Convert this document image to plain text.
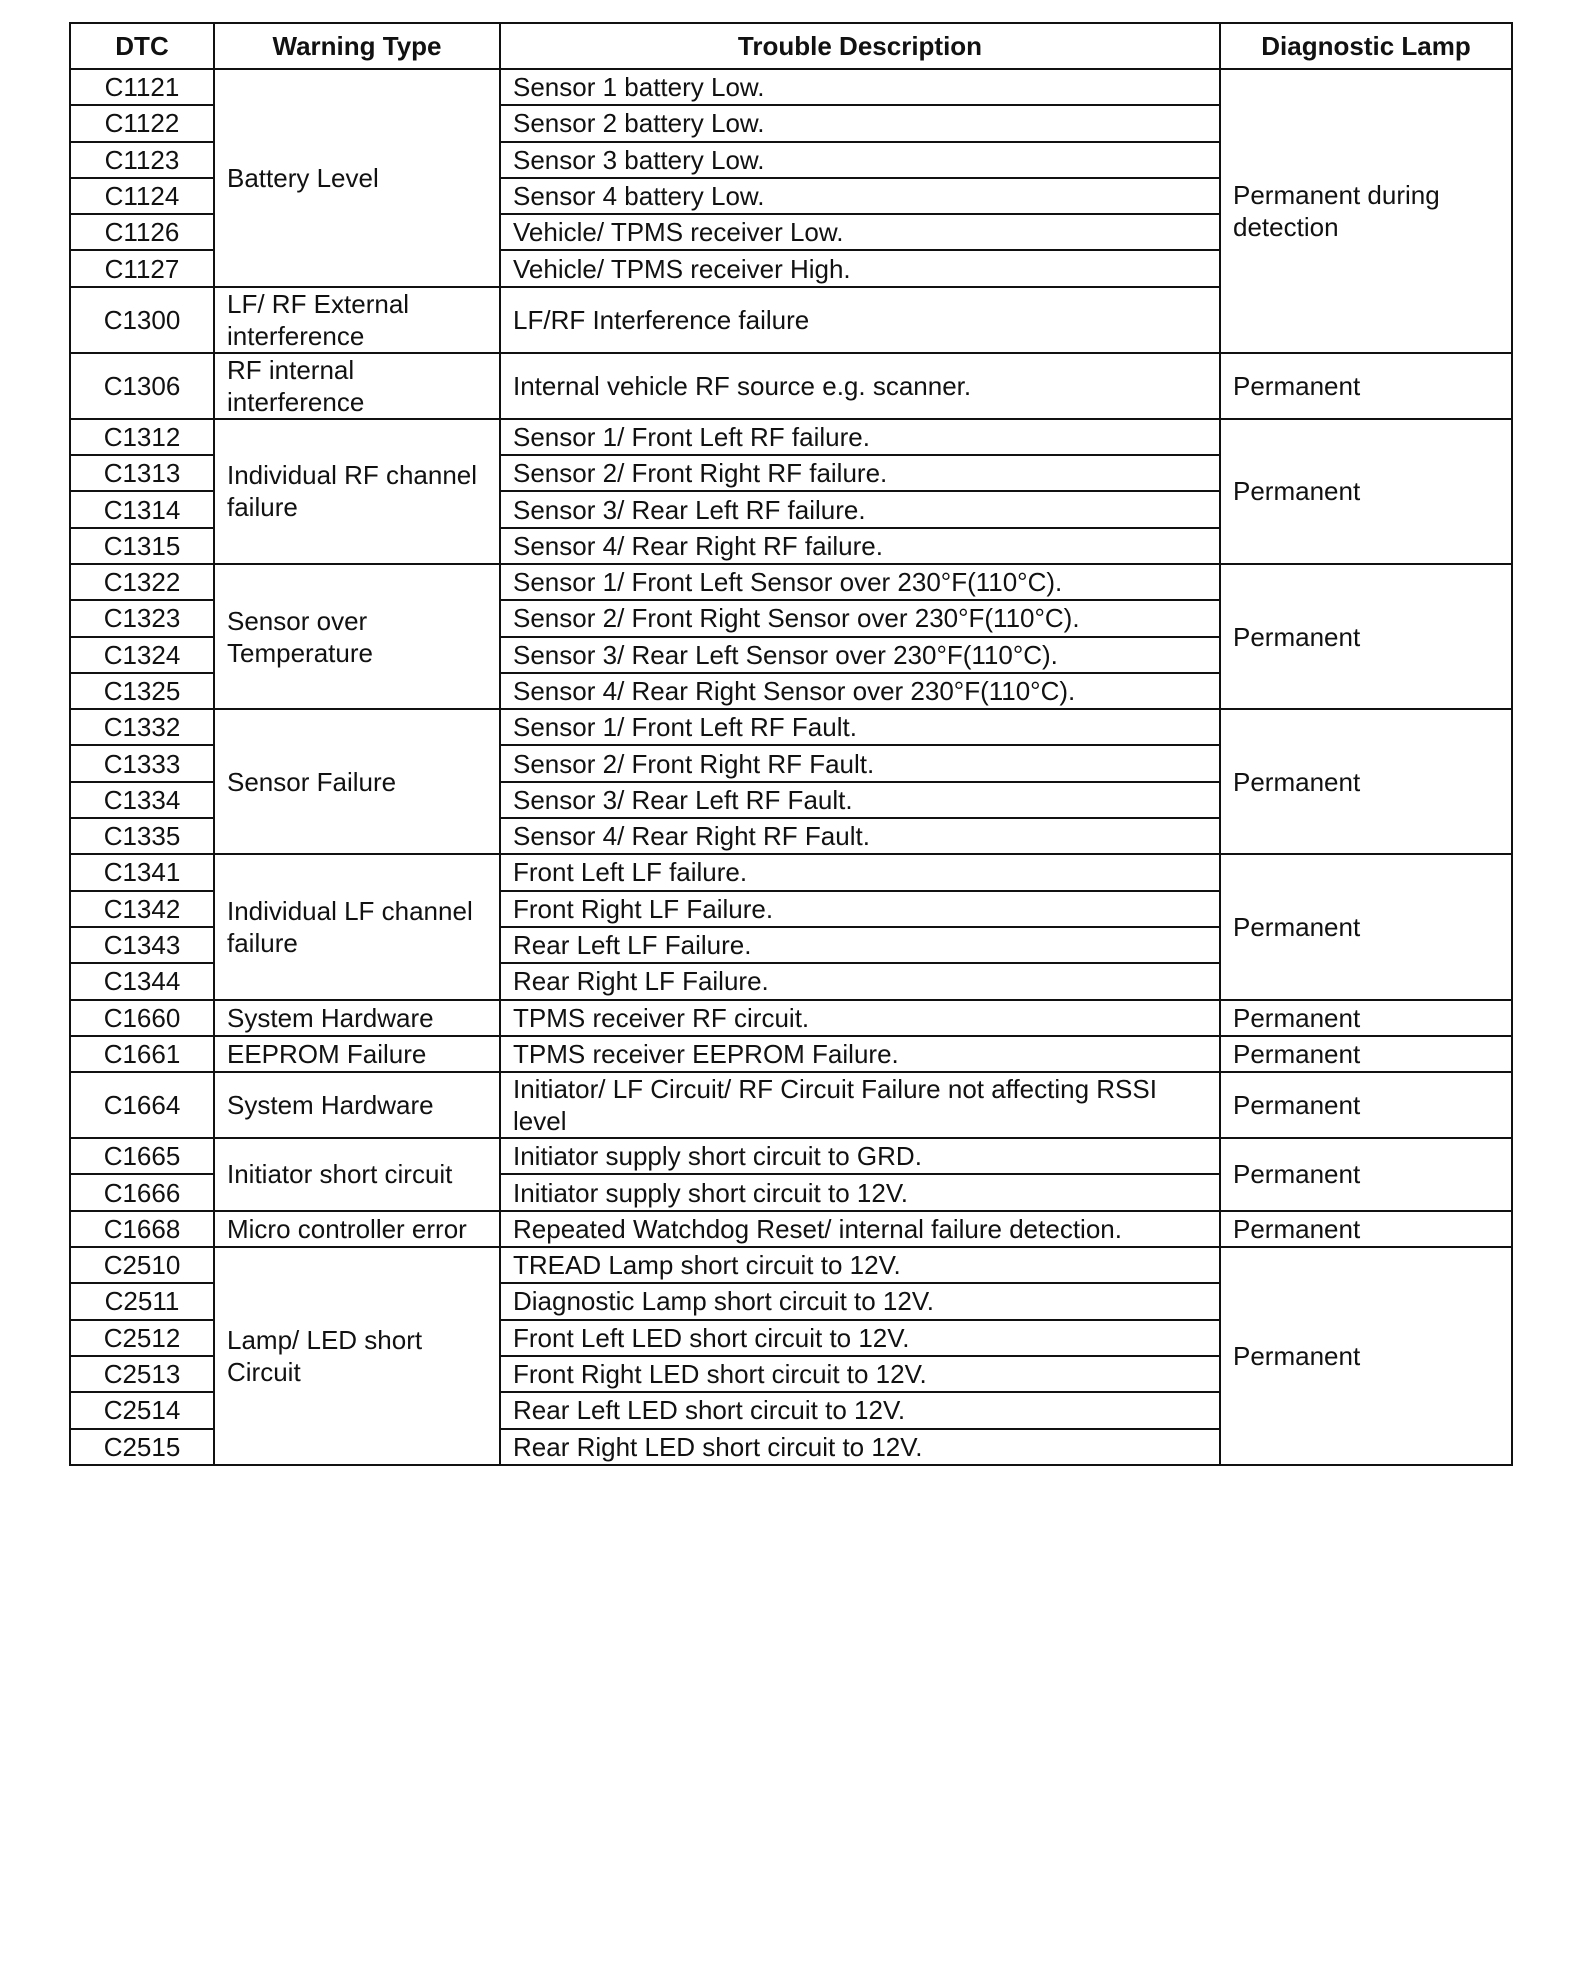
DTC	Warning Type	Trouble Description	Diagnostic Lamp
C1121	Battery Level	Sensor 1 battery Low.	Permanent during detection
C1122		Sensor 2 battery Low.	
C1123		Sensor 3 battery Low.	
C1124		Sensor 4 battery Low.	
C1126		Vehicle/ TPMS receiver Low.	
C1127		Vehicle/ TPMS receiver High.	
C1300	LF/ RF External interference	LF/RF Interference failure	
C1306	RF internal interference	Internal vehicle RF source e.g. scanner.	Permanent
C1312	Individual RF channel failure	Sensor 1/ Front Left RF failure.	Permanent
C1313		Sensor 2/ Front Right RF failure.	
C1314		Sensor 3/ Rear Left RF failure.	
C1315		Sensor 4/ Rear Right RF failure.	
C1322	Sensor over Temperature	Sensor 1/ Front Left Sensor over 230°F(110°C).	Permanent
C1323		Sensor 2/ Front Right Sensor over 230°F(110°C).	
C1324		Sensor 3/ Rear Left Sensor over 230°F(110°C).	
C1325		Sensor 4/ Rear Right Sensor over 230°F(110°C).	
C1332	Sensor Failure	Sensor 1/ Front Left RF Fault.	Permanent
C1333		Sensor 2/ Front Right RF Fault.	
C1334		Sensor 3/ Rear Left RF Fault.	
C1335		Sensor 4/ Rear Right RF Fault.	
C1341	Individual LF channel failure	Front Left LF failure.	Permanent
C1342		Front Right LF Failure.	
C1343		Rear Left LF Failure.	
C1344		Rear Right LF Failure.	
C1660	System Hardware	TPMS receiver RF circuit.	Permanent
C1661	EEPROM Failure	TPMS receiver EEPROM Failure.	Permanent
C1664	System Hardware	Initiator/ LF Circuit/ RF Circuit Failure not affecting RSSI level	Permanent
C1665	Initiator short circuit	Initiator supply short circuit to GRD.	Permanent
C1666		Initiator supply short circuit to 12V.	
C1668	Micro controller error	Repeated Watchdog Reset/ internal failure detection.	Permanent
C2510	Lamp/ LED short Circuit	TREAD Lamp short circuit to 12V.	Permanent
C2511		Diagnostic Lamp short circuit to 12V.	
C2512		Front Left LED short circuit to 12V.	
C2513		Front Right LED short circuit to 12V.	
C2514		Rear Left LED short circuit to 12V.	
C2515		Rear Right LED short circuit to 12V.	
